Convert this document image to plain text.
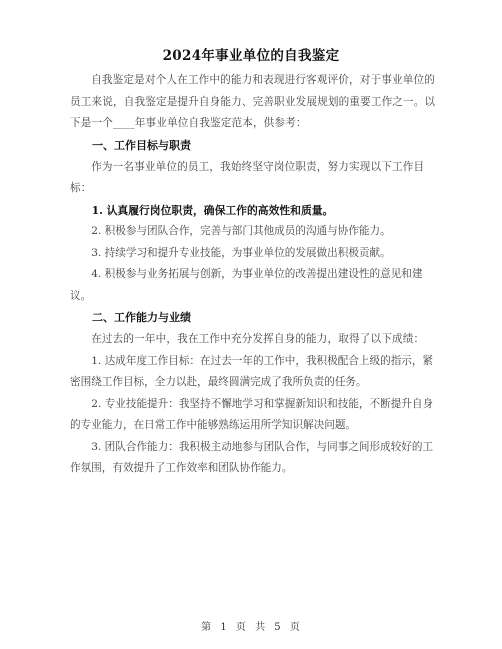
2024年事业单位的自我鉴定

自我鉴定是对个人在工作中的能力和表现进行客观评价，对于事业单位的员工来说，自我鉴定是提升自身能力、完善职业发展规划的重要工作之一。以下是一个____年事业单位自我鉴定范本，供参考：

一、工作目标与职责

作为一名事业单位的员工，我始终坚守岗位职责，努力实现以下工作目标：

1. 认真履行岗位职责，确保工作的高效性和质量。

2. 积极参与团队合作，完善与部门其他成员的沟通与协作能力。

3. 持续学习和提升专业技能，为事业单位的发展做出积极贡献。

4. 积极参与业务拓展与创新，为事业单位的改善提出建设性的意见和建议。

二、工作能力与业绩

在过去的一年中，我在工作中充分发挥自身的能力，取得了以下成绩：

1. 达成年度工作目标：在过去一年的工作中，我积极配合上级的指示，紧密围绕工作目标，全力以赴，最终圆满完成了我所负责的任务。

2. 专业技能提升：我坚持不懈地学习和掌握新知识和技能，不断提升自身的专业能力，在日常工作中能够熟练运用所学知识解决问题。

3. 团队合作能力：我积极主动地参与团队合作，与同事之间形成较好的工作氛围，有效提升了工作效率和团队协作能力。

第 1 页 共 5 页
